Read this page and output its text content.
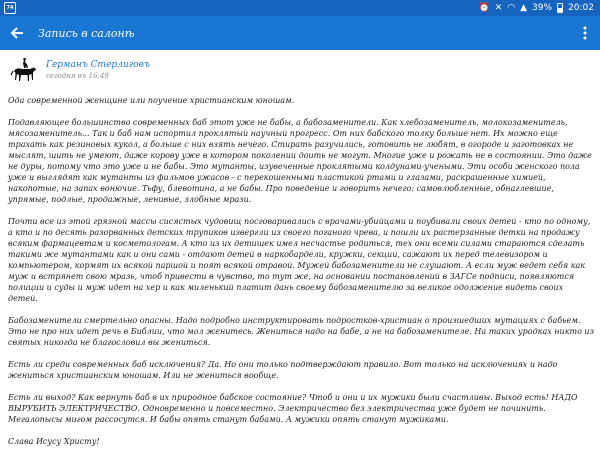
74	⏰ ✕ ◠ ▲ 39% 20:02
Запись в салонѣ
Германъ Стерлиговъ
сегодня въ 16:49

Ода современной женщине или поучение христианским юношам.

Подавляющее большинство современных баб этот уже не бабы, а бабозаменители. Как хлебозаменитель, молокозаменитель, мясозаменитель... Так и баб нам испортил проклятый научный прогресс. От них бабского толку больше нет. Их можно еще трахать как резиновых кукол, а больше с них взять нечего. Стирать разучились, готовить не любят, в огороде и заготовках не мыслят, шить не умеют, даже корову уже в котором поколении доить не могут. Многие уже и рожать не в состоянии. Это даже не дуры, потому что это уже и не бабы. Это мутанты, изувеченные проклятыми колдунами-учеными. Эти особи женского пола уже и выглядят как мутанты из фильмов ужасов - с перекошенными пластикой ртами и глазами, раскрашенные химией, накопотые, на запах вонючие. Тьфу, блевотина, а не бабы. Про поведение и говорить нечего: самовлюбленные, обнаглевшие, упрямые, подлые, продажные, ленивые, злобные мрази.

Почти все из этой грязной массы сисястых чудовищ посговаривались с врачами-убийцами и поубивали своих детей - кто по одному, а кто и по десять разорванных детских трупиков извергли из своего поганого чрева, и пошли их растерзанные детки на продажу всяким фармацевтам и косметологам. А кто из их детишек имел несчастье родиться, тех они всеми силами стараются сделать такими же мутантами как и они сами - отдают детей в наркобардели, кружки, секции, сажают их перед телевизором и компьютером, кормят их всякой паршой и поят всякой отравой. Мужей бабозаменители не слушают. А если муж ведет себя как муж и встрянет свою мразь, чтоб привести в чувство, то тут же, на основании постановлений в ЗАГСе подписи, появляются полиции и суды и муж идет на хер и как миленький платит дань своему бабозаменителю за великое одолжение видеть своих детей.

Бабозаменители смертельно опасны. Надо подробно инструктировать подростков-христиан о произшедших мутациях с бабьем. Это не про них идет речь в Библии, что мол женитесь. Жениться надо на бабе, а не на бабозаменителе. На таких уродках никто из святых никогда не благословил вы жениться.

Есть ли среди современных баб исключения? Да. Но они только подтверждают правило. Вот только на исключениях и надо жениться христианским юношам. Или не жениться вообще.

Есть ли выход? Как вернуть баб в их природное бабское состояние? Чтоб и они и их мужики были счастливы. Выход есть! НАДО ВЫРУБИТЬ ЭЛЕКТРИЧЕСТВО. Одновременно и повсеместно. Электричество без электричества уже будет не починить. Мегалопысы мигом рассосутся. И бабы опять станут бабами. А мужики опять станут мужиками.

Слава Исусу Христу!
